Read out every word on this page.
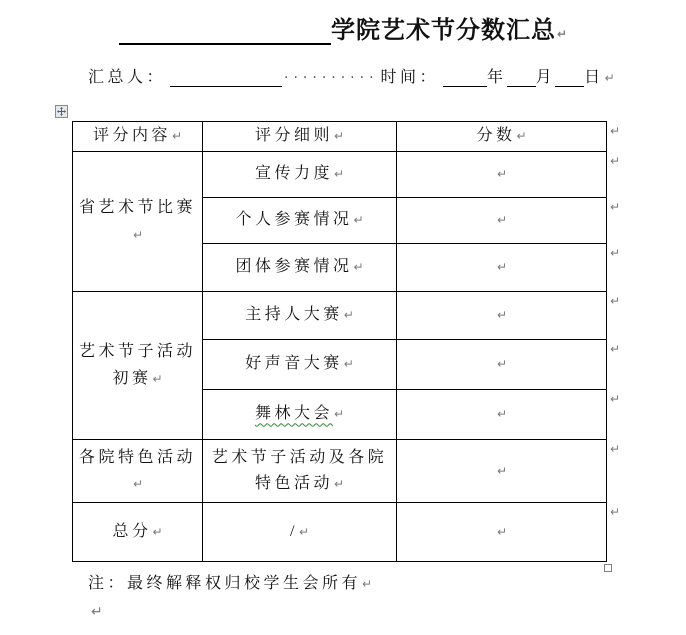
学院艺术节分数汇总↵
汇总人：	·········· 时间：	年 月 日↵
评分内容↵	评分细则↵	分数↵
省艺术节比赛↵	宣传力度↵	↵
	个人参赛情况↵	↵
	团体参赛情况↵	↵
艺术节子活动初赛↵	主持人大赛↵	↵
	好声音大赛↵	↵
	舞林大会↵	↵
各院特色活动↵	艺术节子活动及各院特色活动↵	↵
总分↵	/↵	↵
↵
↵
↵
↵
↵
↵
↵
↵
↵
注：最终解释权归校学生会所有↵
↵
